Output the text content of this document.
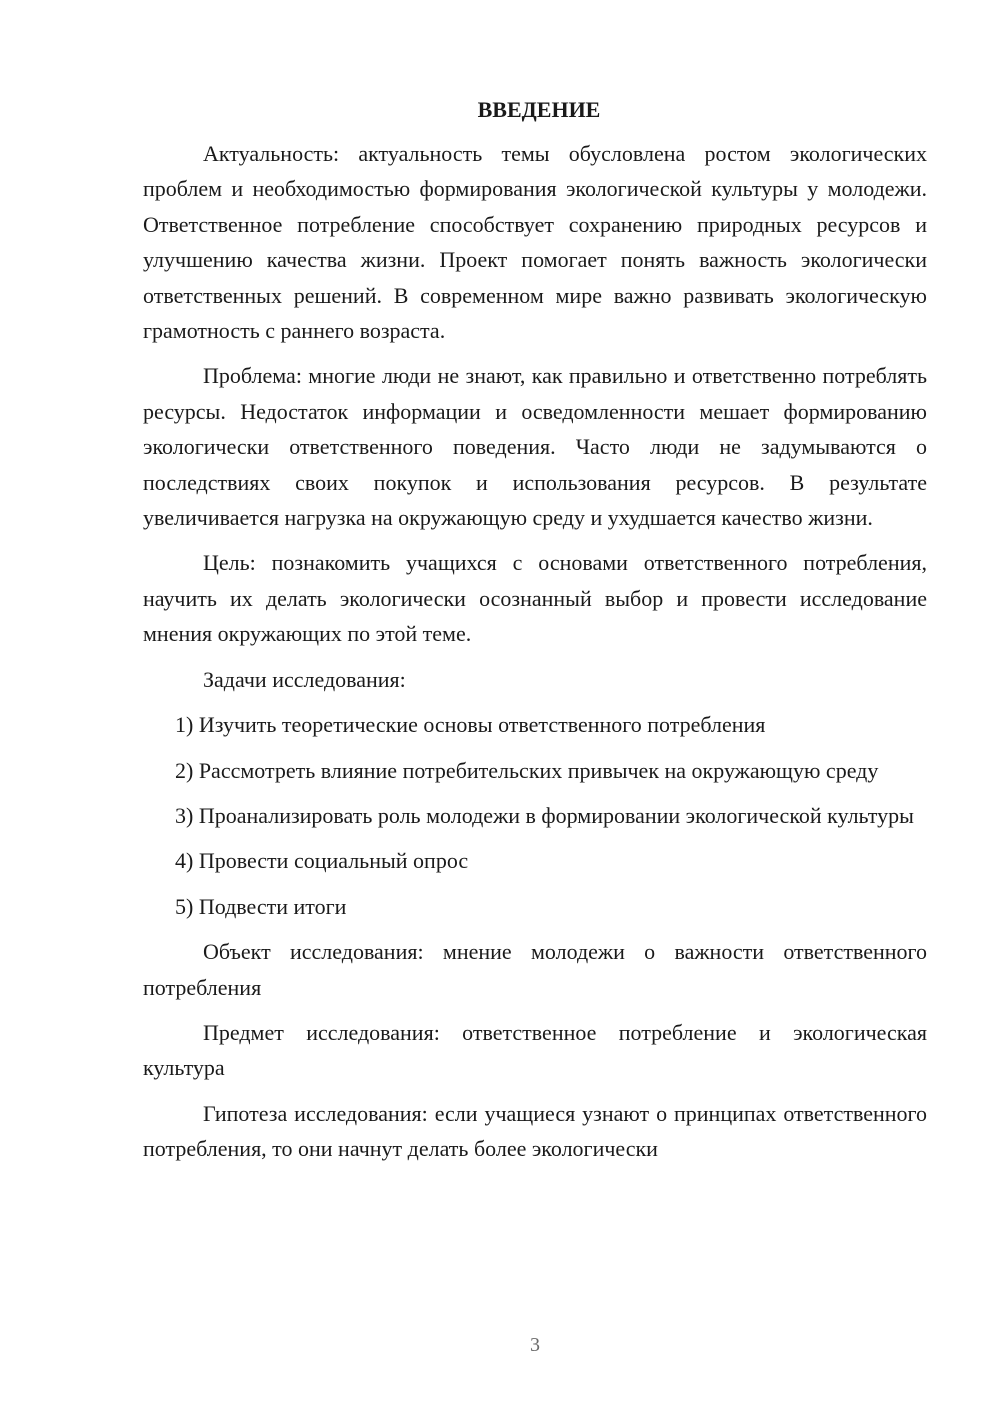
ВВЕДЕНИЕ

Актуальность: актуальность темы обусловлена ростом экологических проблем и необходимостью формирования экологической культуры у молодежи. Ответственное потребление способствует сохранению природных ресурсов и улучшению качества жизни. Проект помогает понять важность экологически ответственных решений. В современном мире важно развивать экологическую грамотность с раннего возраста.

Проблема: многие люди не знают, как правильно и ответственно потреблять ресурсы. Недостаток информации и осведомленности мешает формированию экологически ответственного поведения. Часто люди не задумываются о последствиях своих покупок и использования ресурсов. В результате увеличивается нагрузка на окружающую среду и ухудшается качество жизни.

Цель: познакомить учащихся с основами ответственного потребления, научить их делать экологически осознанный выбор и провести исследование мнения окружающих по этой теме.

Задачи исследования:

1) Изучить теоретические основы ответственного потребления

2) Рассмотреть влияние потребительских привычек на окружающую среду

3) Проанализировать роль молодежи в формировании экологической культуры

4) Провести социальный опрос

5) Подвести итоги

Объект исследования: мнение молодежи о важности ответственного потребления

Предмет исследования: ответственное потребление и экологическая культура

Гипотеза исследования: если учащиеся узнают о принципах ответственного потребления, то они начнут делать более экологически

3
